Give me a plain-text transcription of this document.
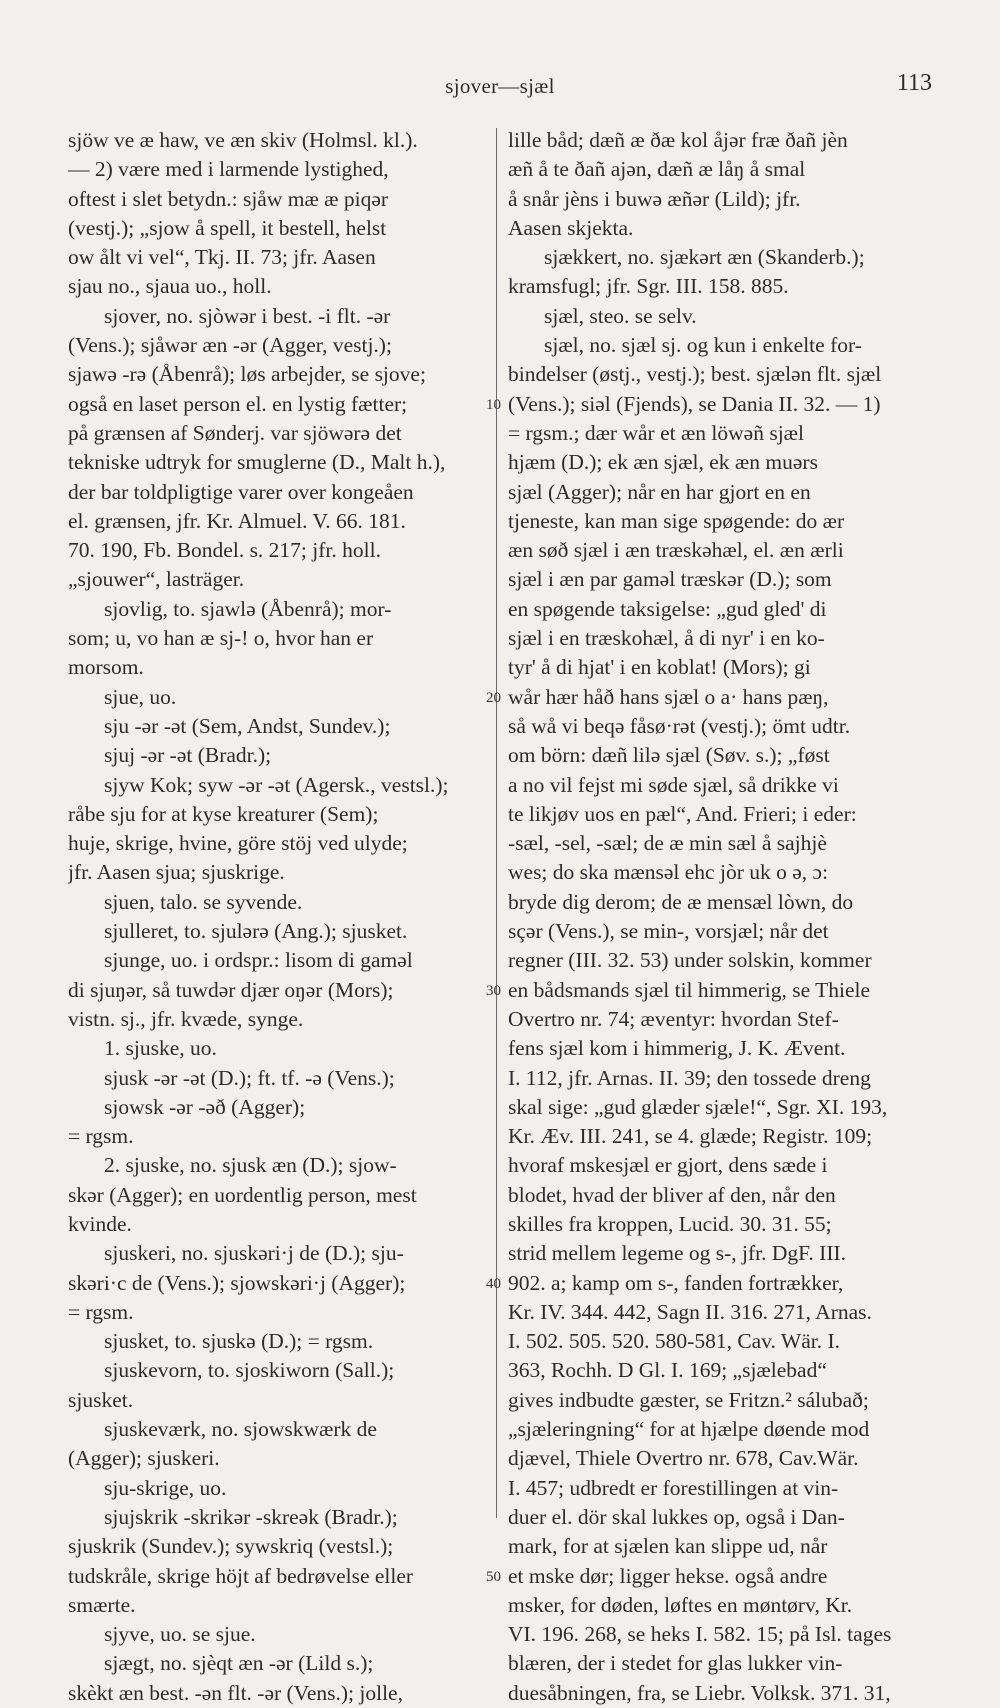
sjover—sjæl	113
sjöw ve æ haw, ve æn skiv (Holmsl. kl.).
— 2) være med i larmende lystighed,
oftest i slet betydn.: sjåw mæ æ piqər
(vestj.); „sjow å spell, it bestell, helst
ow ålt vi vel“, Tkj. II. 73; jfr. Aasen
sjau no., sjaua uo., holl.
sjover, no. sjòwər i best. -i flt. -ər
(Vens.); sjåwər æn -ər (Agger, vestj.);
sjawə -rə (Åbenrå); løs arbejder, se sjove;
også en laset person el. en lystig fætter;
på grænsen af Sønderj. var sjöwərə det
tekniske udtryk for smuglerne (D., Malt h.),
der bar toldpligtige varer over kongeåen
el. grænsen, jfr. Kr. Almuel. V. 66. 181.
70. 190, Fb. Bondel. s. 217; jfr. holl.
„sjouwer“, lasträger.
sjovlig, to. sjawlə (Åbenrå); mor-
som; u, vo han æ sj-! o, hvor han er
morsom.
sjue, uo.
sju -ər -ət (Sem, Andst, Sundev.);
sjuj -ər -ət (Bradr.);
sjyw Kok; syw -ər -ət (Agersk., vestsl.);
råbe sju for at kyse kreaturer (Sem);
huje, skrige, hvine, göre stöj ved ulyde;
jfr. Aasen sjua; sjuskrige.
sjuen, talo. se syvende.
sjulleret, to. sjulərə (Ang.); sjusket.
sjunge, uo. i ordspr.: lisom di gaməl
di sjuŋər, så tuwdər djær oŋər (Mors);
vistn. sj., jfr. kvæde, synge.
1. sjuske, uo.
sjusk -ər -ət (D.); ft. tf. -ə (Vens.);
sjowsk -ər -əð (Agger);
= rgsm.
2. sjuske, no. sjusk æn (D.); sjow-
skər (Agger); en uordentlig person, mest
kvinde.
sjuskeri, no. sjuskəri·j de (D.); sju-
skəri·c de (Vens.); sjowskəri·j (Agger);
= rgsm.
sjusket, to. sjuskə (D.); = rgsm.
sjuskevorn, to. sjoskiworn (Sall.);
sjusket.
sjuskeværk, no. sjowskwærk de
(Agger); sjuskeri.
sju-skrige, uo.
sjujskrik -skrikər -skreək (Bradr.);
sjuskrik (Sundev.); sywskriq (vestsl.);
tudskråle, skrige höjt af bedrøvelse eller
smærte.
sjyve, uo. se sjue.
sjægt, no. sjèqt æn -ər (Lild s.);
skèkt æn best. -ən flt. -ər (Vens.); jolle,
lille båd; dæñ æ ðæ kol åjər fræ ðañ jèn
æñ å te ðañ ajən, dæñ æ låŋ å smal
å snår jèns i buwə æñər (Lild); jfr.
Aasen skjekta.
sjækkert, no. sjækərt æn (Skanderb.);
kramsfugl; jfr. Sgr. III. 158. 885.
sjæl, steo. se selv.
sjæl, no. sjæl sj. og kun i enkelte for-
bindelser (østj., vestj.); best. sjælən flt. sjæl
(Vens.); siəl (Fjends), se Dania II. 32. — 1)
= rgsm.; dær wår et æn löwəñ sjæl
hjæm (D.); ek æn sjæl, ek æn muərs
sjæl (Agger); når en har gjort en en
tjeneste, kan man sige spøgende: do ær
æn søð sjæl i æn træskəhæl, el. æn ærli
sjæl i æn par gaməl træskər (D.); som
en spøgende taksigelse: „gud gled' di
sjæl i en træskohæl, å di nyr' i en ko-
tyr' å di hjat' i en koblat! (Mors); gi
wår hær håð hans sjæl o a· hans pæŋ,
så wå vi beqə fåsø·rət (vestj.); ömt udtr.
om börn: dæñ lilə sjæl (Søv. s.); „føst
a no vil fejst mi søde sjæl, så drikke vi
te likjøv uos en pæl“, And. Frieri; i eder:
-sæl, -sel, -sæl; de æ min sæl å sajhjè
wes; do ska mænsəl ehc jòr uk o ə, ɔ:
bryde dig derom; de æ mensæl lòwn, do
sçər (Vens.), se min-, vorsjæl; når det
regner (III. 32. 53) under solskin, kommer
en bådsmands sjæl til himmerig, se Thiele
Overtro nr. 74; æventyr: hvordan Stef-
fens sjæl kom i himmerig, J. K. Ævent.
I. 112, jfr. Arnas. II. 39; den tossede dreng
skal sige: „gud glæder sjæle!“, Sgr. XI. 193,
Kr. Æv. III. 241, se 4. glæde; Registr. 109;
hvoraf mskesjæl er gjort, dens sæde i
blodet, hvad der bliver af den, når den
skilles fra kroppen, Lucid. 30. 31. 55;
strid mellem legeme og s-, jfr. DgF. III.
902. a; kamp om s-, fanden fortrækker,
Kr. IV. 344. 442, Sagn II. 316. 271, Arnas.
I. 502. 505. 520. 580-581, Cav. Wär. I.
363, Rochh. D Gl. I. 169; „sjælebad“
gives indbudte gæster, se Fritzn.² sálubað;
„sjæleringning“ for at hjælpe døende mod
djævel, Thiele Overtro nr. 678, Cav.Wär.
I. 457; udbredt er forestillingen at vin-
duer el. dör skal lukkes op, også i Dan-
mark, for at sjælen kan slippe ud, når
et mske dør; ligger hekse. også andre
msker, for døden, løftes en møntørv, Kr.
VI. 196. 268, se heks I. 582. 15; på Isl. tages
blæren, der i stedet for glas lukker vin-
duesåbningen, fra, se Liebr. Volksk. 371. 31,
10
20
30
40
50
